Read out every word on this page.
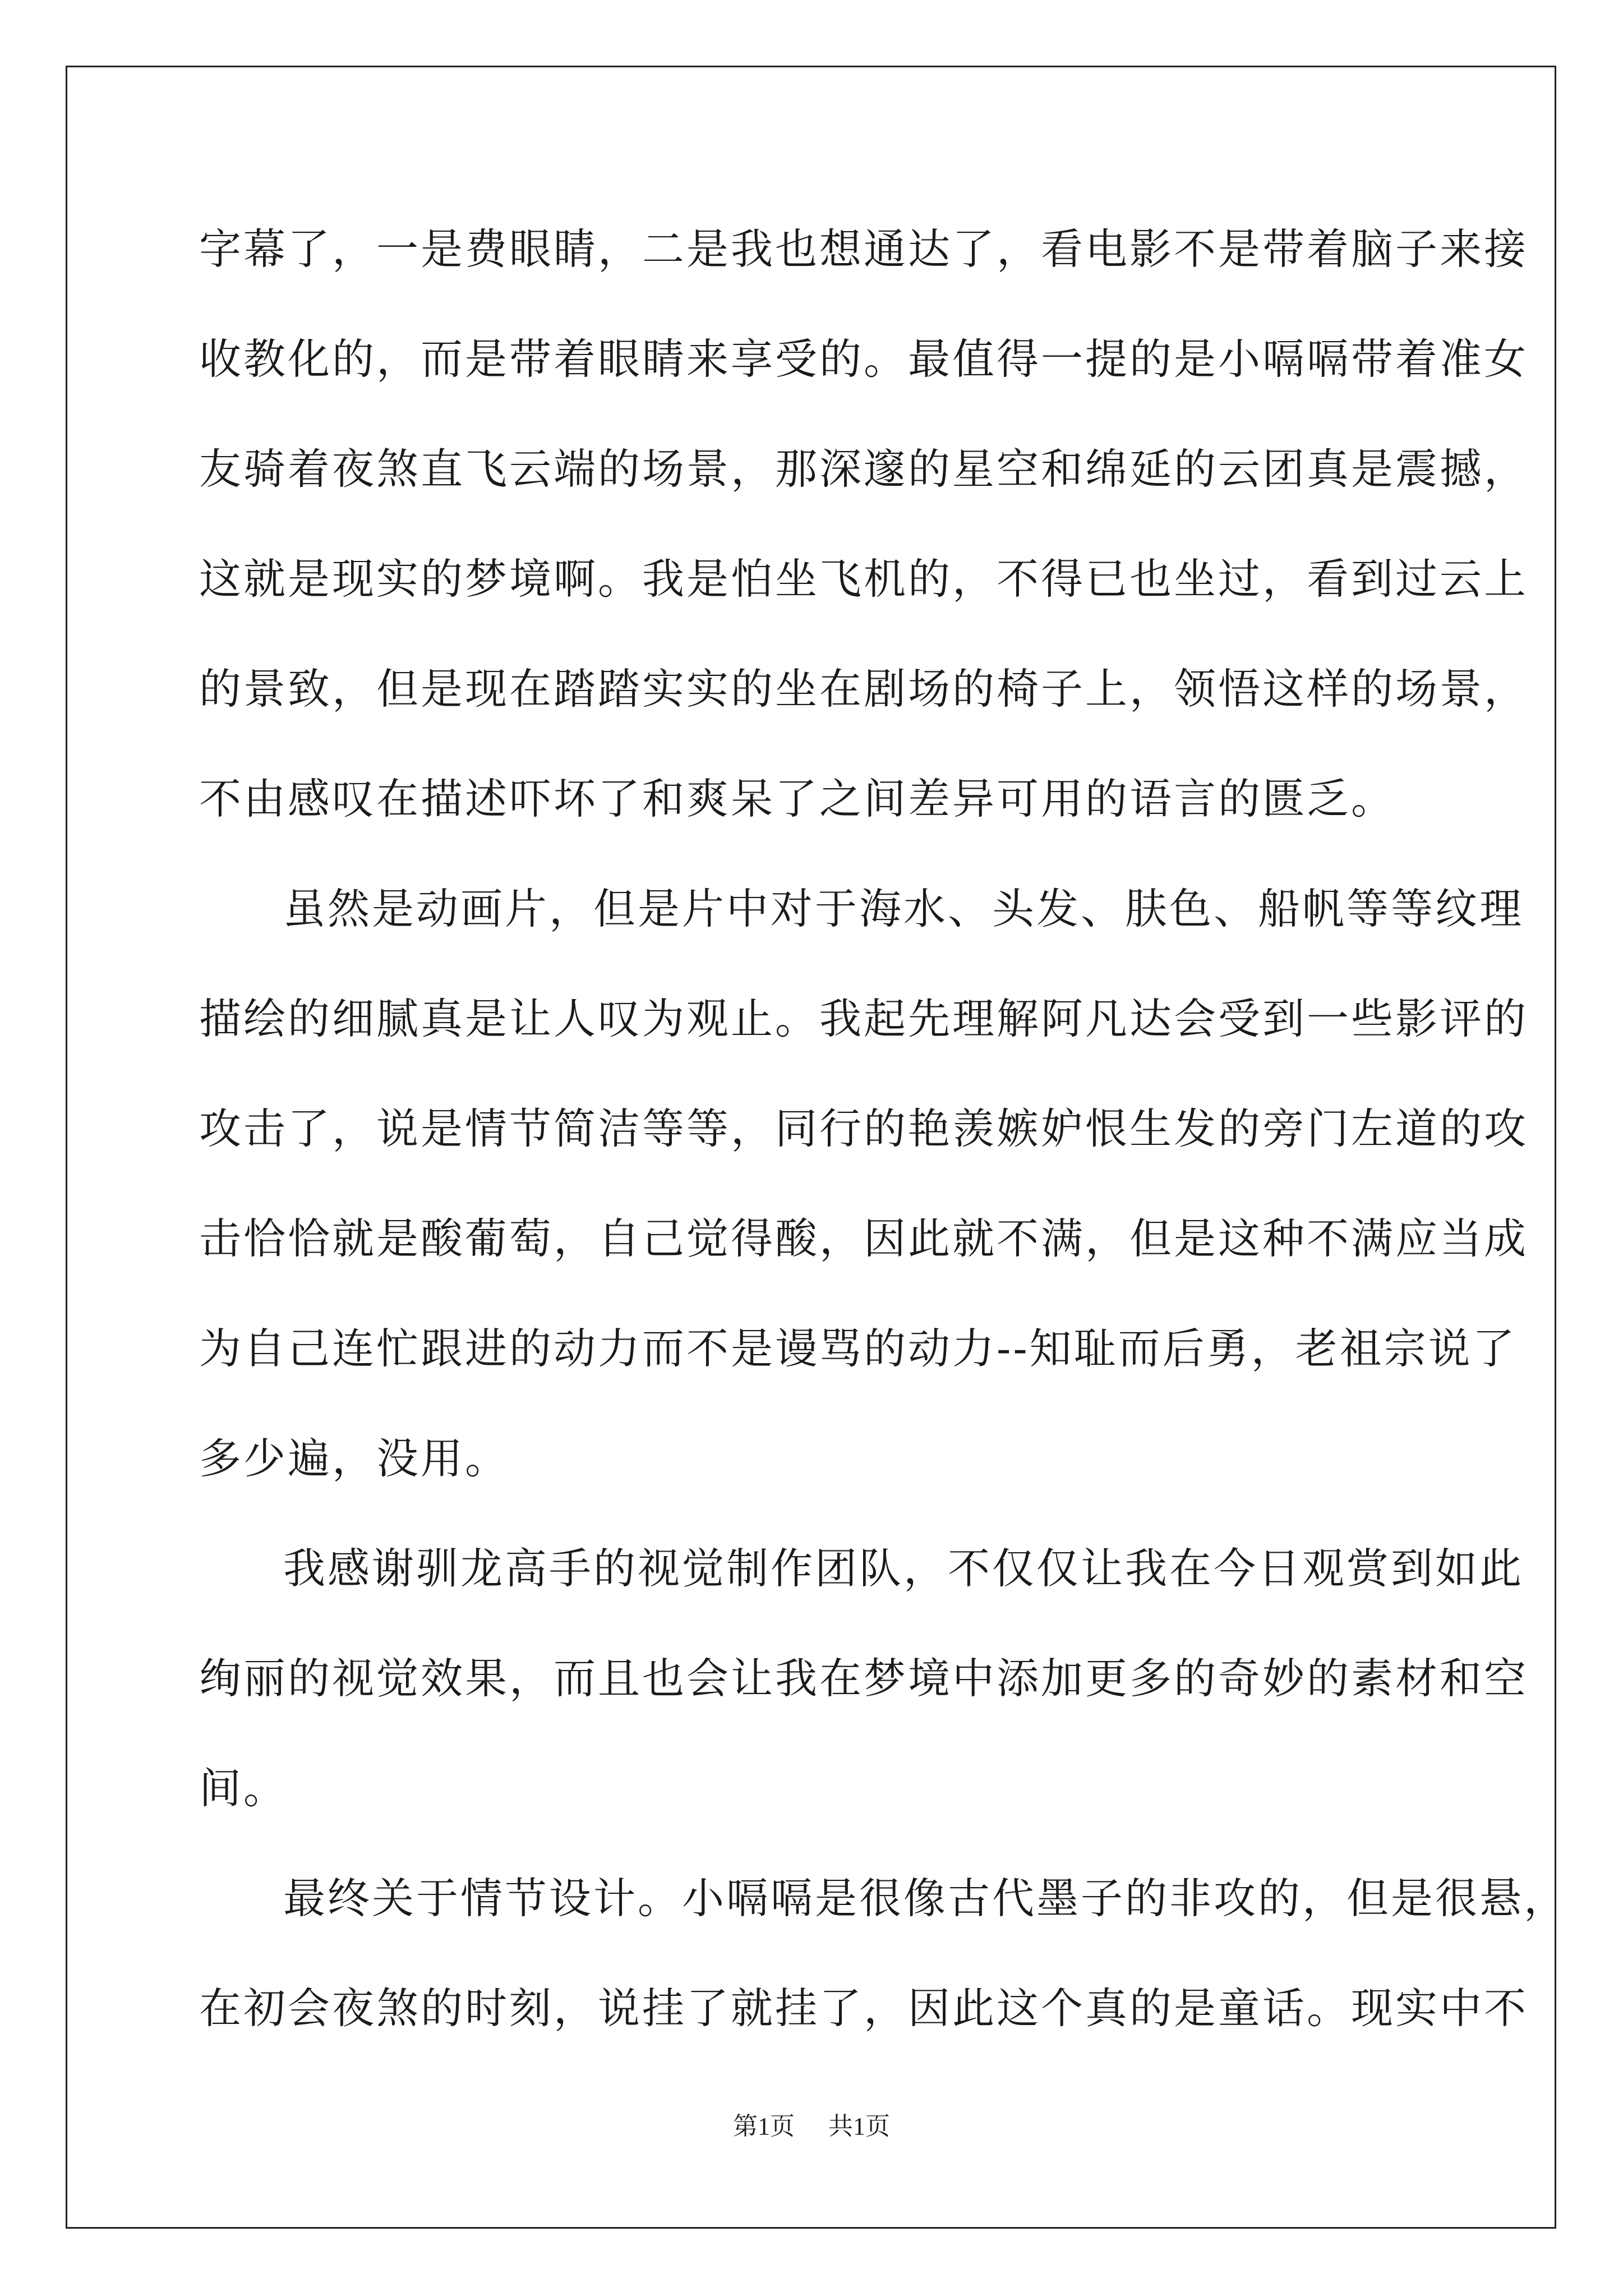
字幕了，一是费眼睛，二是我也想通达了，看电影不是带着脑子来接
收教化的，而是带着眼睛来享受的。最值得一提的是小嗝嗝带着准女
友骑着夜煞直飞云端的场景，那深邃的星空和绵延的云团真是震撼，
这就是现实的梦境啊。我是怕坐飞机的，不得已也坐过，看到过云上
的景致，但是现在踏踏实实的坐在剧场的椅子上，领悟这样的场景，
不由感叹在描述吓坏了和爽呆了之间差异可用的语言的匮乏。
虽然是动画片，但是片中对于海水、头发、肤色、船帆等等纹理
描绘的细腻真是让人叹为观止。我起先理解阿凡达会受到一些影评的
攻击了，说是情节简洁等等，同行的艳羡嫉妒恨生发的旁门左道的攻
击恰恰就是酸葡萄，自己觉得酸，因此就不满，但是这种不满应当成
为自己连忙跟进的动力而不是谩骂的动力--知耻而后勇，老祖宗说了
多少遍，没用。
我感谢驯龙高手的视觉制作团队，不仅仅让我在今日观赏到如此
绚丽的视觉效果，而且也会让我在梦境中添加更多的奇妙的素材和空
间。
最终关于情节设计。小嗝嗝是很像古代墨子的非攻的，但是很悬，
在初会夜煞的时刻，说挂了就挂了，因此这个真的是童话。现实中不
第1页 共1页
